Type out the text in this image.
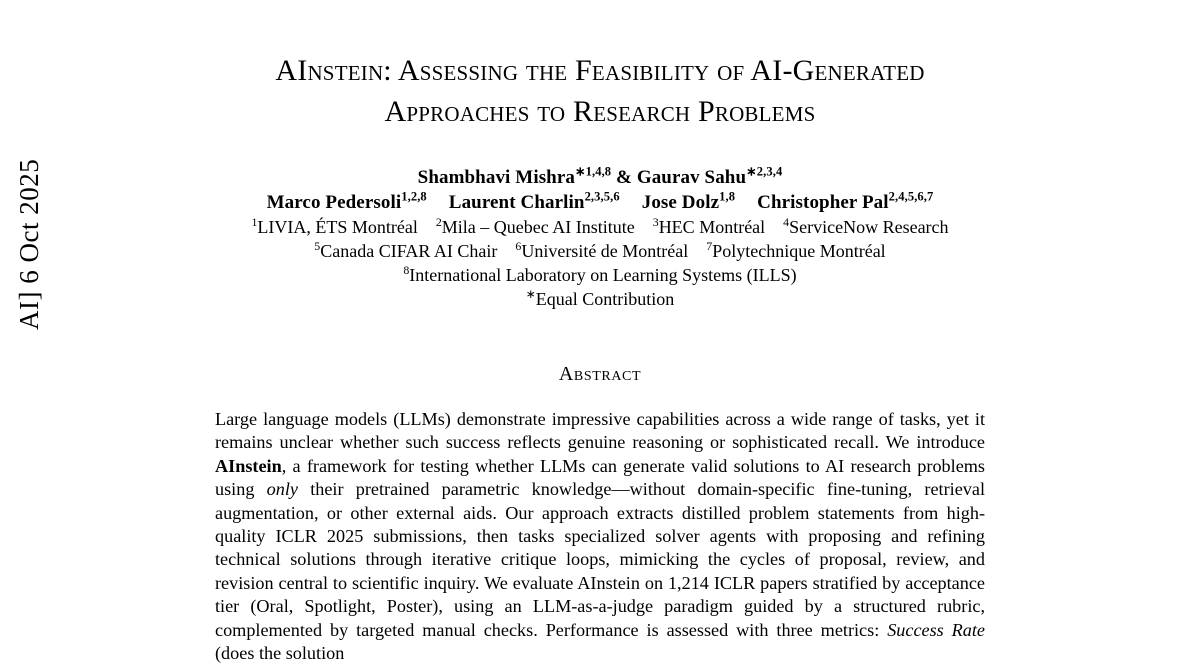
AI] 6 Oct 2025
AInstein: Assessing the Feasibility of AI-Generated
Approaches to Research Problems
Shambhavi Mishra$^{∗1,4,8}$ & Gaurav Sahu$^{∗2,3,4}$
Marco Pedersoli$^{1,2,8}$ Laurent Charlin$^{2,3,5,6}$ Jose Dolz$^{1,8}$ Christopher Pal$^{2,4,5,6,7}$
$^1$LIVIA, ÉTS Montréal $^2$Mila – Quebec AI Institute $^3$HEC Montréal $^4$ServiceNow Research
$^5$Canada CIFAR AI Chair $^6$Université de Montréal $^7$Polytechnique Montréal
$^8$International Laboratory on Learning Systems (ILLS)
∗Equal Contribution
Abstract
Large language models (LLMs) demonstrate impressive capabilities across a wide range of tasks, yet it remains unclear whether such success reflects genuine reasoning or sophisticated recall. We introduce AInstein, a framework for testing whether LLMs can generate valid solutions to AI research problems using only their pretrained parametric knowledge—without domain-specific fine-tuning, retrieval augmentation, or other external aids. Our approach extracts distilled problem statements from high-quality ICLR 2025 submissions, then tasks specialized solver agents with proposing and refining technical solutions through iterative critique loops, mimicking the cycles of proposal, review, and revision central to scientific inquiry. We evaluate AInstein on 1,214 ICLR papers stratified by acceptance tier (Oral, Spotlight, Poster), using an LLM-as-a-judge paradigm guided by a structured rubric, complemented by targeted manual checks. Performance is assessed with three metrics: Success Rate (does the solution
